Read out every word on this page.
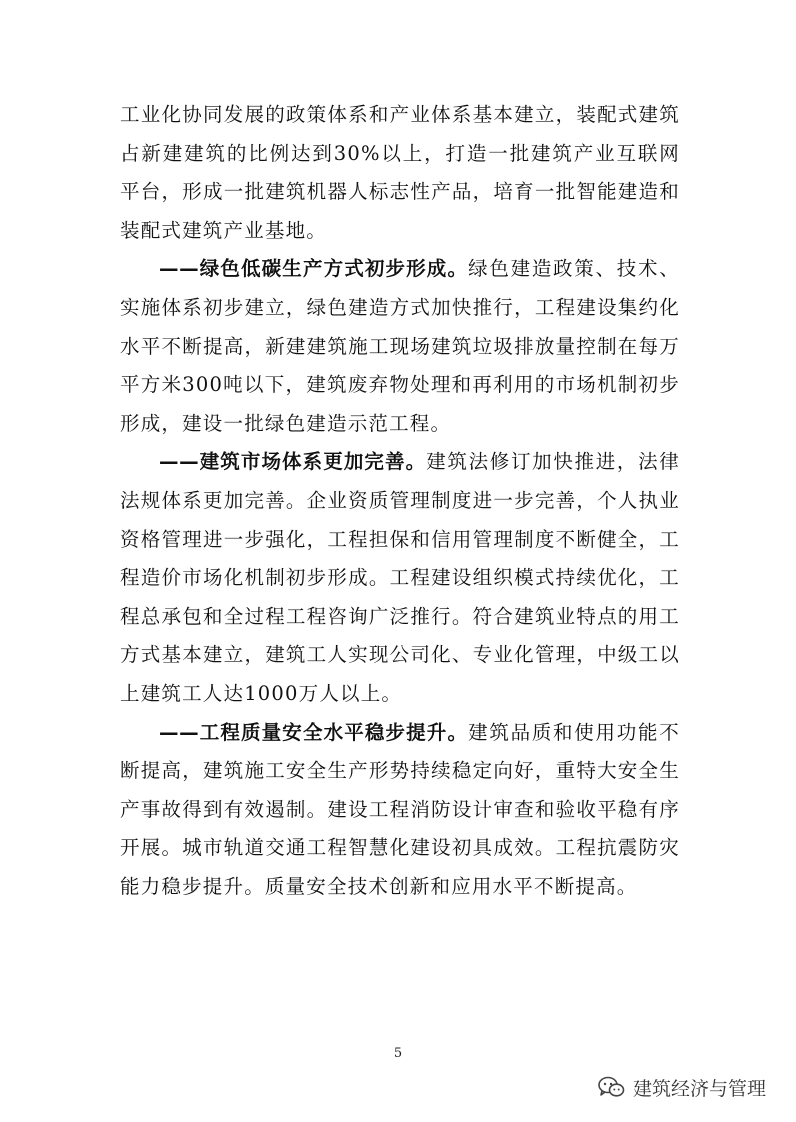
工业化协同发展的政策体系和产业体系基本建立，装配式建筑占新建建筑的比例达到30%以上，打造一批建筑产业互联网平台，形成一批建筑机器人标志性产品，培育一批智能建造和装配式建筑产业基地。

——绿色低碳生产方式初步形成。绿色建造政策、技术、实施体系初步建立，绿色建造方式加快推行，工程建设集约化水平不断提高，新建建筑施工现场建筑垃圾排放量控制在每万平方米300吨以下，建筑废弃物处理和再利用的市场机制初步形成，建设一批绿色建造示范工程。

——建筑市场体系更加完善。建筑法修订加快推进，法律法规体系更加完善。企业资质管理制度进一步完善，个人执业资格管理进一步强化，工程担保和信用管理制度不断健全，工程造价市场化机制初步形成。工程建设组织模式持续优化，工程总承包和全过程工程咨询广泛推行。符合建筑业特点的用工方式基本建立，建筑工人实现公司化、专业化管理，中级工以上建筑工人达1000万人以上。

——工程质量安全水平稳步提升。建筑品质和使用功能不断提高，建筑施工安全生产形势持续稳定向好，重特大安全生产事故得到有效遏制。建设工程消防设计审查和验收平稳有序开展。城市轨道交通工程智慧化建设初具成效。工程抗震防灾能力稳步提升。质量安全技术创新和应用水平不断提高。

5
建筑经济与管理
